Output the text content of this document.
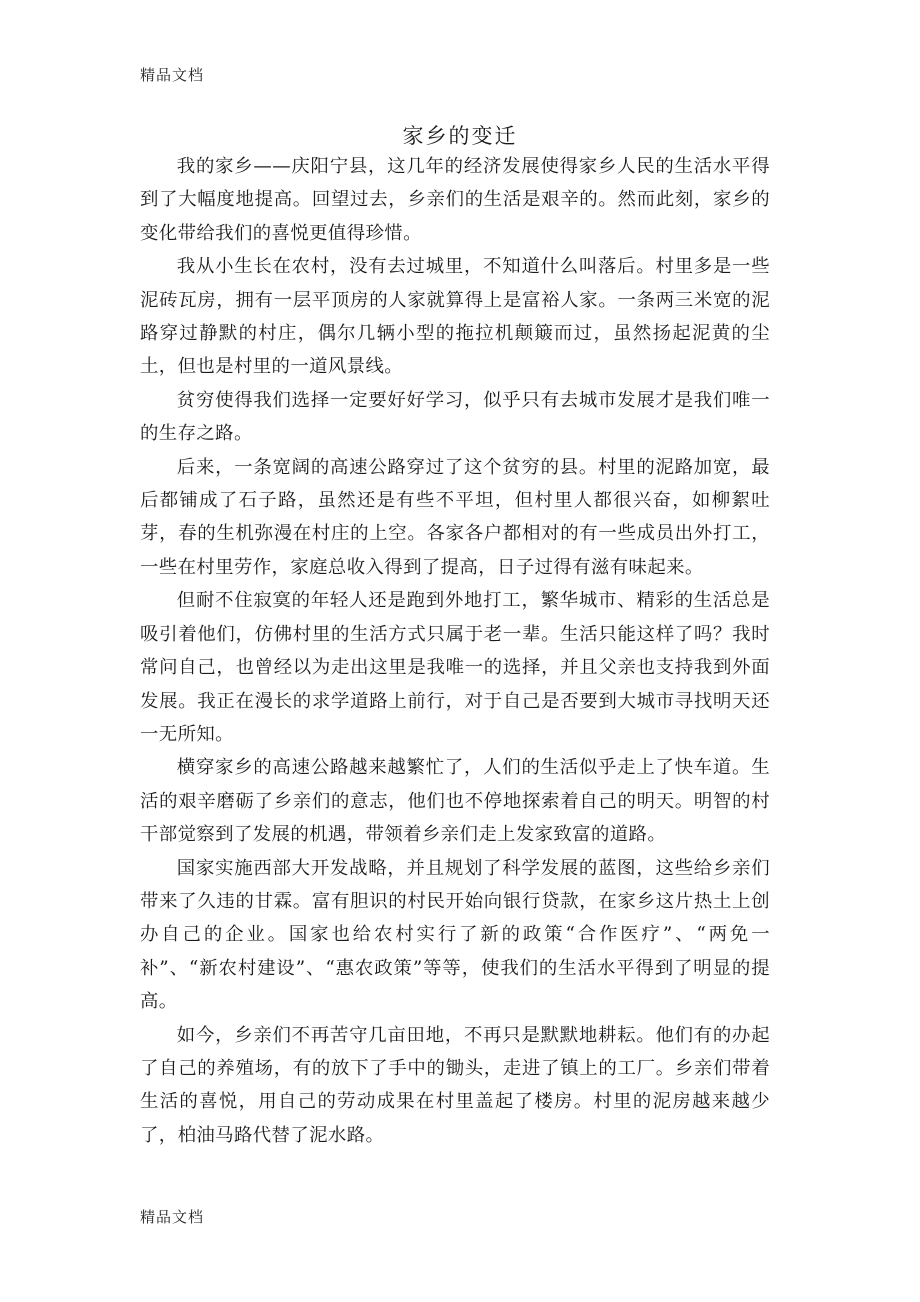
精品文档
家乡的变迁

我的家乡——庆阳宁县，这几年的经济发展使得家乡人民的生活水平得到了大幅度地提高。回望过去，乡亲们的生活是艰辛的。然而此刻，家乡的变化带给我们的喜悦更值得珍惜。

我从小生长在农村，没有去过城里，不知道什么叫落后。村里多是一些泥砖瓦房，拥有一层平顶房的人家就算得上是富裕人家。一条两三米宽的泥路穿过静默的村庄，偶尔几辆小型的拖拉机颠簸而过，虽然扬起泥黄的尘土，但也是村里的一道风景线。

贫穷使得我们选择一定要好好学习，似乎只有去城市发展才是我们唯一的生存之路。

后来，一条宽阔的高速公路穿过了这个贫穷的县。村里的泥路加宽，最后都铺成了石子路，虽然还是有些不平坦，但村里人都很兴奋，如柳絮吐芽，春的生机弥漫在村庄的上空。各家各户都相对的有一些成员出外打工，一些在村里劳作，家庭总收入得到了提高，日子过得有滋有味起来。

但耐不住寂寞的年轻人还是跑到外地打工，繁华城市、精彩的生活总是吸引着他们，仿佛村里的生活方式只属于老一辈。生活只能这样了吗？我时常问自己，也曾经以为走出这里是我唯一的选择，并且父亲也支持我到外面发展。我正在漫长的求学道路上前行，对于自己是否要到大城市寻找明天还一无所知。

横穿家乡的高速公路越来越繁忙了，人们的生活似乎走上了快车道。生活的艰辛磨砺了乡亲们的意志，他们也不停地探索着自己的明天。明智的村干部觉察到了发展的机遇，带领着乡亲们走上发家致富的道路。

国家实施西部大开发战略，并且规划了科学发展的蓝图，这些给乡亲们带来了久违的甘霖。富有胆识的村民开始向银行贷款，在家乡这片热土上创办自己的企业。国家也给农村实行了新的政策“合作医疗”、“两免一补”、“新农村建设”、“惠农政策”等等，使我们的生活水平得到了明显的提高。

如今，乡亲们不再苦守几亩田地，不再只是默默地耕耘。他们有的办起了自己的养殖场，有的放下了手中的锄头，走进了镇上的工厂。乡亲们带着生活的喜悦，用自己的劳动成果在村里盖起了楼房。村里的泥房越来越少了，柏油马路代替了泥水路。

精品文档
